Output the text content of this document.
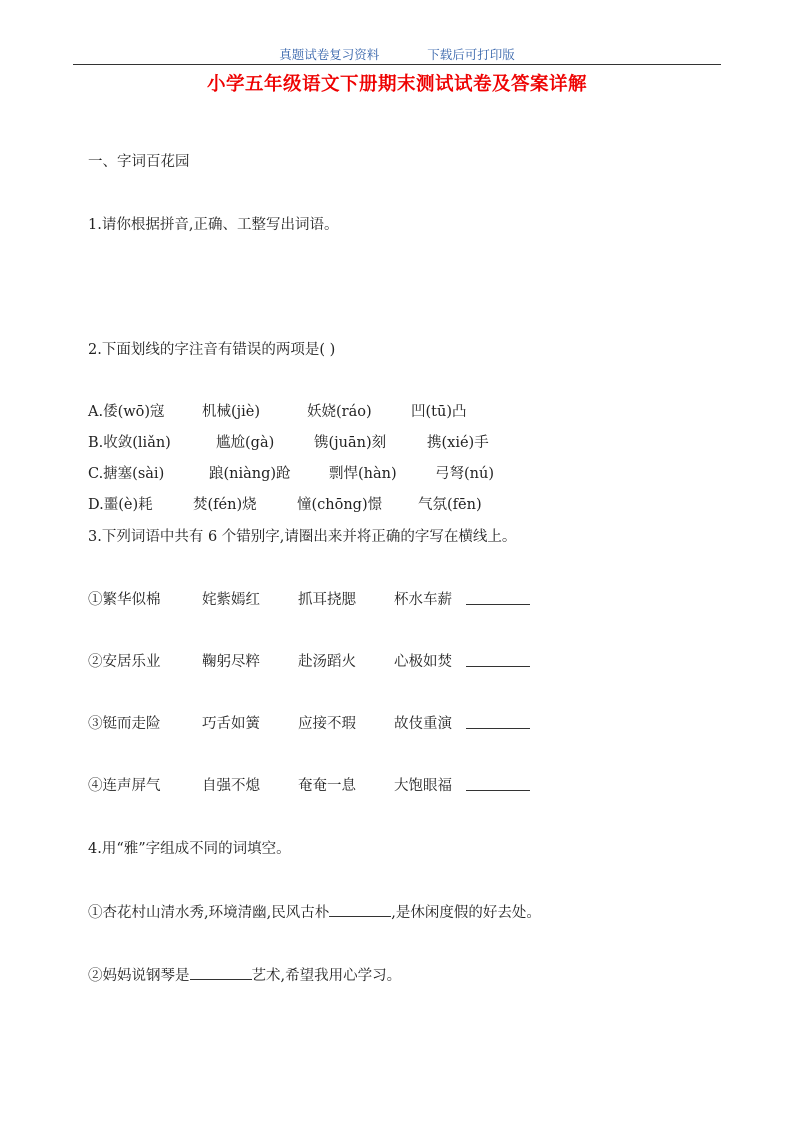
真题试卷复习资料	下载后可打印版
小学五年级语文下册期末测试试卷及答案详解
一、字词百花园
1.请你根据拼音,正确、工整写出词语。
2.下面划线的字注音有错误的两项是( )
A.倭(wō)寇	机械(jiè)	妖娆(ráo)	凹(tū)凸
B.收敛(liǎn)	尴尬(gà)	镌(juān)刻	携(xié)手
C.搪塞(sài)	踉(niàng)跄	剽悍(hàn)	弓弩(nú)
D.噩(è)耗	焚(fén)烧	憧(chōng)憬 气氛(fēn)
3.下列词语中共有 6 个错别字,请圈出来并将正确的字写在横线上。
①繁华似棉	姹紫嫣红	抓耳挠腮	杯水车薪
②安居乐业	鞠躬尽粹	赴汤蹈火	心极如焚
③铤而走险	巧舌如簧	应接不瑕	故伎重演
④连声屏气	自强不熄	奄奄一息	大饱眼福
4.用“雅”字组成不同的词填空。
①杏花村山清水秀,环境清幽,民风古朴	,是休闲度假的好去处。
②妈妈说钢琴是	艺术,希望我用心学习。
